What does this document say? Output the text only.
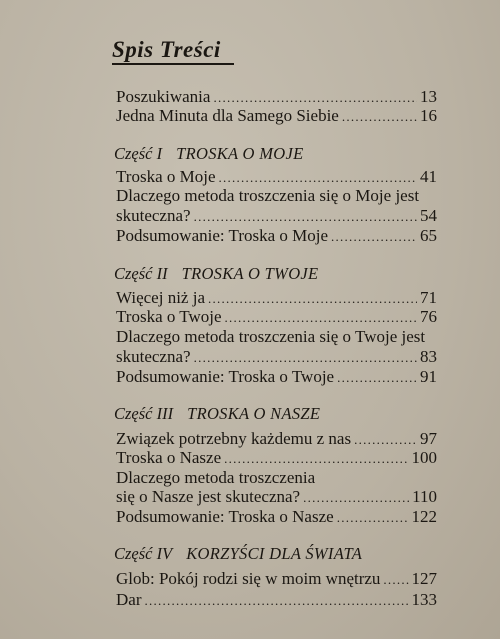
Spis Treści
Poszukiwania . . .	13
Jedna Minuta dla Samego Siebie . . .	16
Część I TROSKA O MOJE
Troska o Moje . . .	41
Dlaczego metoda troszczenia się o Moje jest
skuteczna? . . .	54
Podsumowanie: Troska o Moje . . .	65
Część II TROSKA O TWOJE
Więcej niż ja . . .	71
Troska o Twoje . . .	76
Dlaczego metoda troszczenia się o Twoje jest
skuteczna? . . .	83
Podsumowanie: Troska o Twoje . . .	91
Część III TROSKA O NASZE
Związek potrzebny każdemu z nas . . .	97
Troska o Nasze . . .	100
Dlaczego metoda troszczenia
się o Nasze jest skuteczna? . . .	110
Podsumowanie: Troska o Nasze . . .	122
Część IV KORZYŚCI DLA ŚWIATA
Glob: Pokój rodzi się w moim wnętrzu . . . 127
Dar . . .	133
